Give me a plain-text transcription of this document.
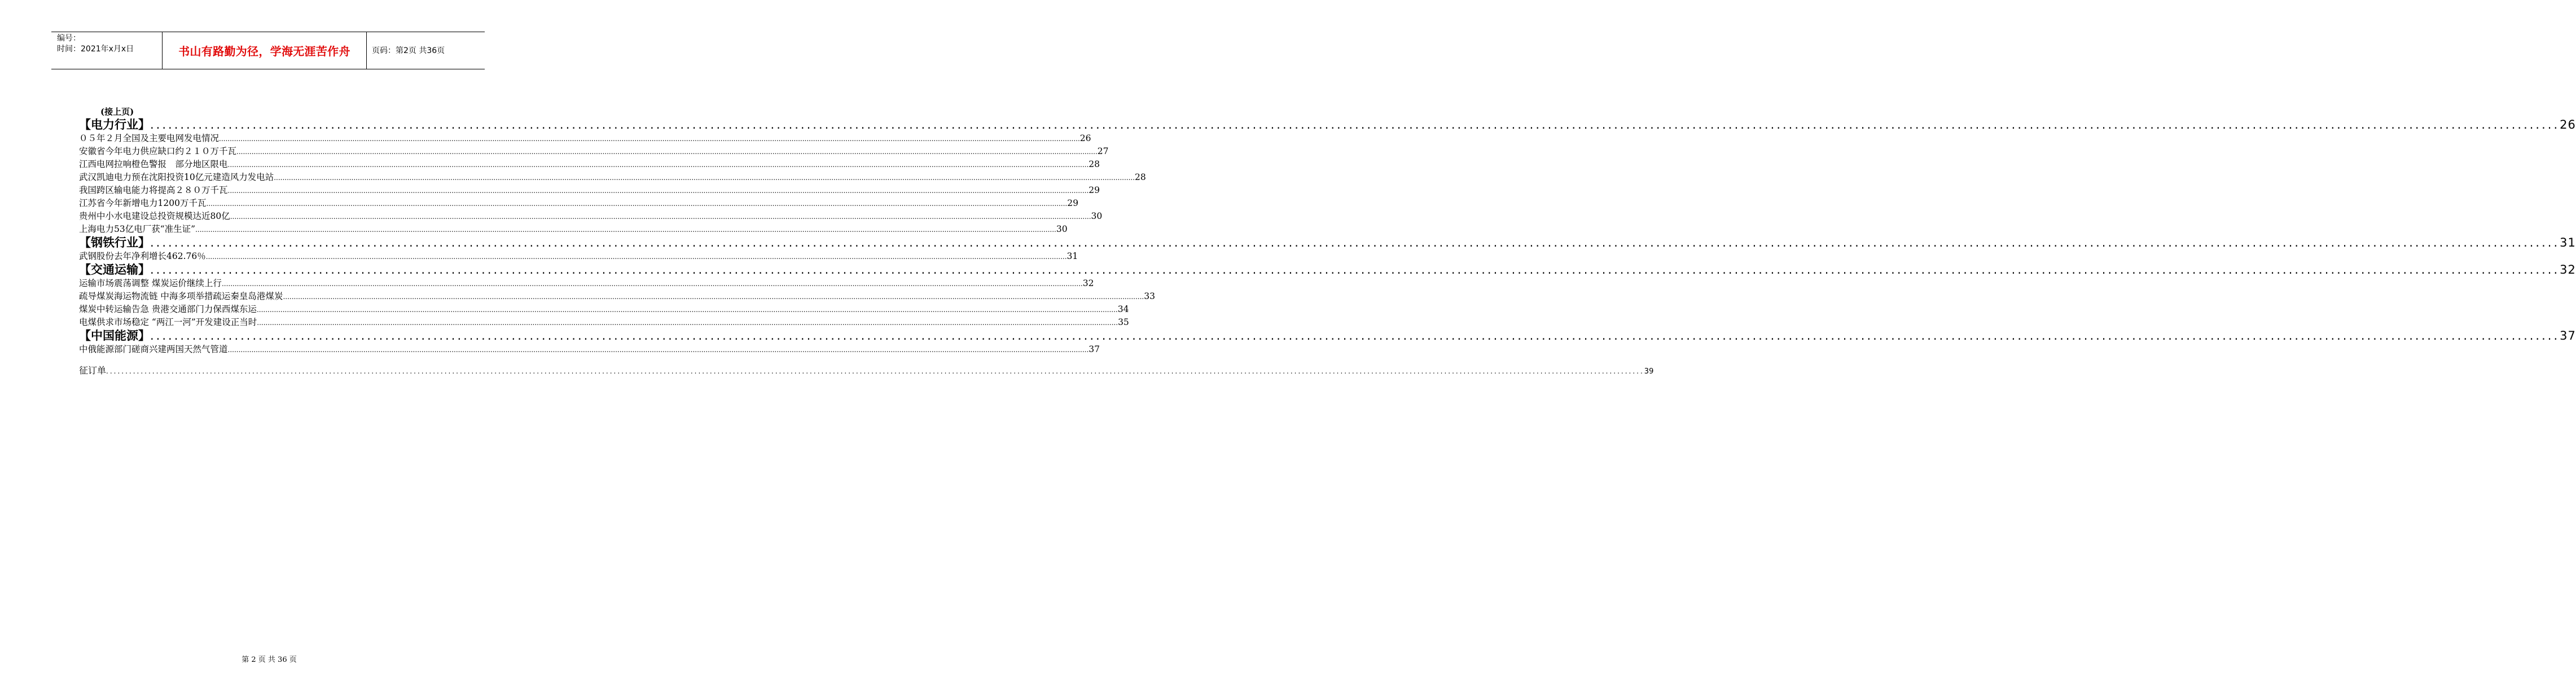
编号：
时间：2021年x月x日	书山有路勤为径，学海无涯苦作舟	页码：第2页 共36页
(接上页)
【电力行业】 ................................................................................................................................................................................................................................................................................................................................................................................................................ 26
０５年２月全国及主要电网发电情况 ................................................................................................................................................................................................................................................................................................................................................................................................................ 26
安徽省今年电力供应缺口约２１０万千瓦 ................................................................................................................................................................................................................................................................................................................................................................................................................ 27
江西电网拉响橙色警报　部分地区限电 ................................................................................................................................................................................................................................................................................................................................................................................................................ 28
武汉凯迪电力预在沈阳投资10亿元建造风力发电站 ................................................................................................................................................................................................................................................................................................................................................................................................................ 28
我国跨区输电能力将提高２８０万千瓦 ................................................................................................................................................................................................................................................................................................................................................................................................................ 29
江苏省今年新增电力1200万千瓦 ................................................................................................................................................................................................................................................................................................................................................................................................................ 29
贵州中小水电建设总投资规模达近80亿 ................................................................................................................................................................................................................................................................................................................................................................................................................ 30
上海电力53亿电厂获“准生证” ................................................................................................................................................................................................................................................................................................................................................................................................................ 30
【钢铁行业】 ................................................................................................................................................................................................................................................................................................................................................................................................................ 31
武钢股份去年净利增长462.76％ ................................................................................................................................................................................................................................................................................................................................................................................................................ 31
【交通运输】 ................................................................................................................................................................................................................................................................................................................................................................................................................ 32
运输市场震荡调整 煤炭运价继续上行 ................................................................................................................................................................................................................................................................................................................................................................................................................ 32
疏导煤炭海运物流链 中海多项举措疏运秦皇岛港煤炭 ................................................................................................................................................................................................................................................................................................................................................................................................................ 33
煤炭中转运输告急 贵港交通部门力保西煤东运 ................................................................................................................................................................................................................................................................................................................................................................................................................ 34
电煤供求市场稳定 “两江一河”开发建设正当时 ................................................................................................................................................................................................................................................................................................................................................................................................................ 35
【中国能源】 ................................................................................................................................................................................................................................................................................................................................................................................................................ 37
中俄能源部门磋商兴建两国天然气管道 ................................................................................................................................................................................................................................................................................................................................................................................................................ 37
征订单 ................................................................................................................................................................................................................................................................................................................................................................................................................ 39
第 2 页 共 36 页
